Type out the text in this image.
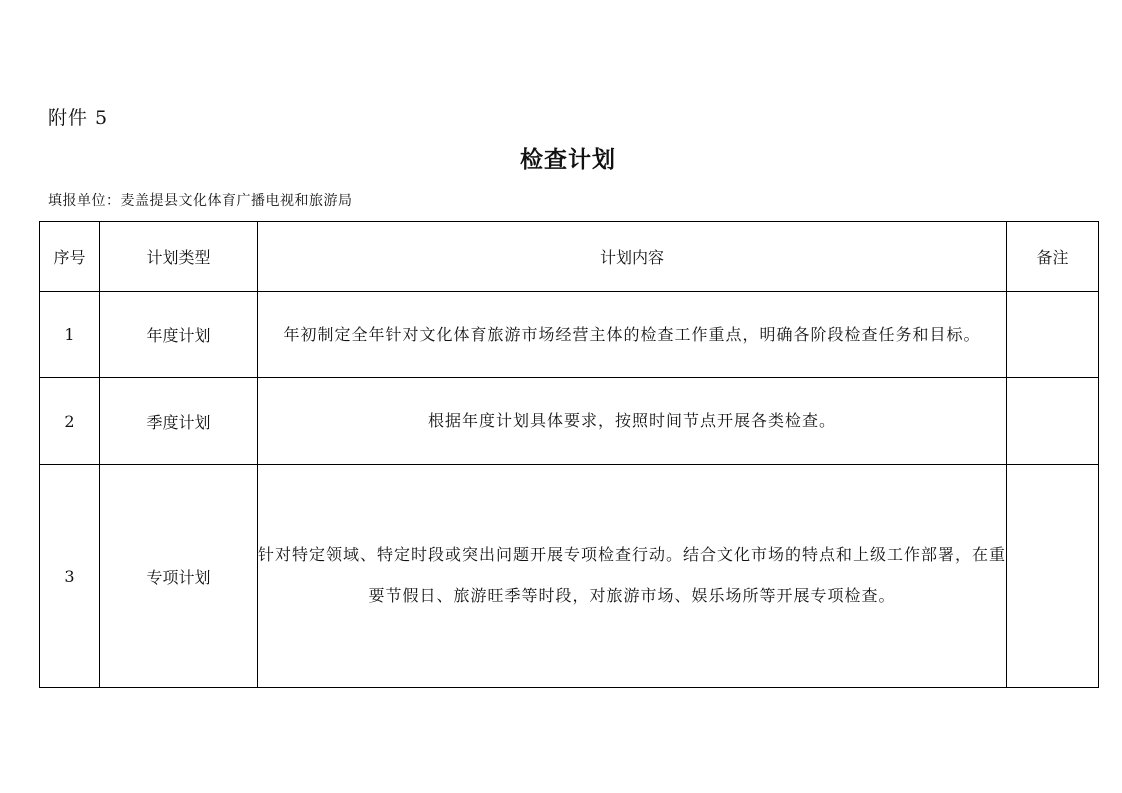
附件 5
检查计划
填报单位：麦盖提县文化体育广播电视和旅游局
序号	计划类型	计划内容	备注
1	年度计划	年初制定全年针对文化体育旅游市场经营主体的检查工作重点，明确各阶段检查任务和目标。	
2	季度计划	根据年度计划具体要求，按照时间节点开展各类检查。	
3	专项计划	针对特定领域、特定时段或突出问题开展专项检查行动。结合文化市场的特点和上级工作部署，在重要节假日、旅游旺季等时段，对旅游市场、娱乐场所等开展专项检查。	
